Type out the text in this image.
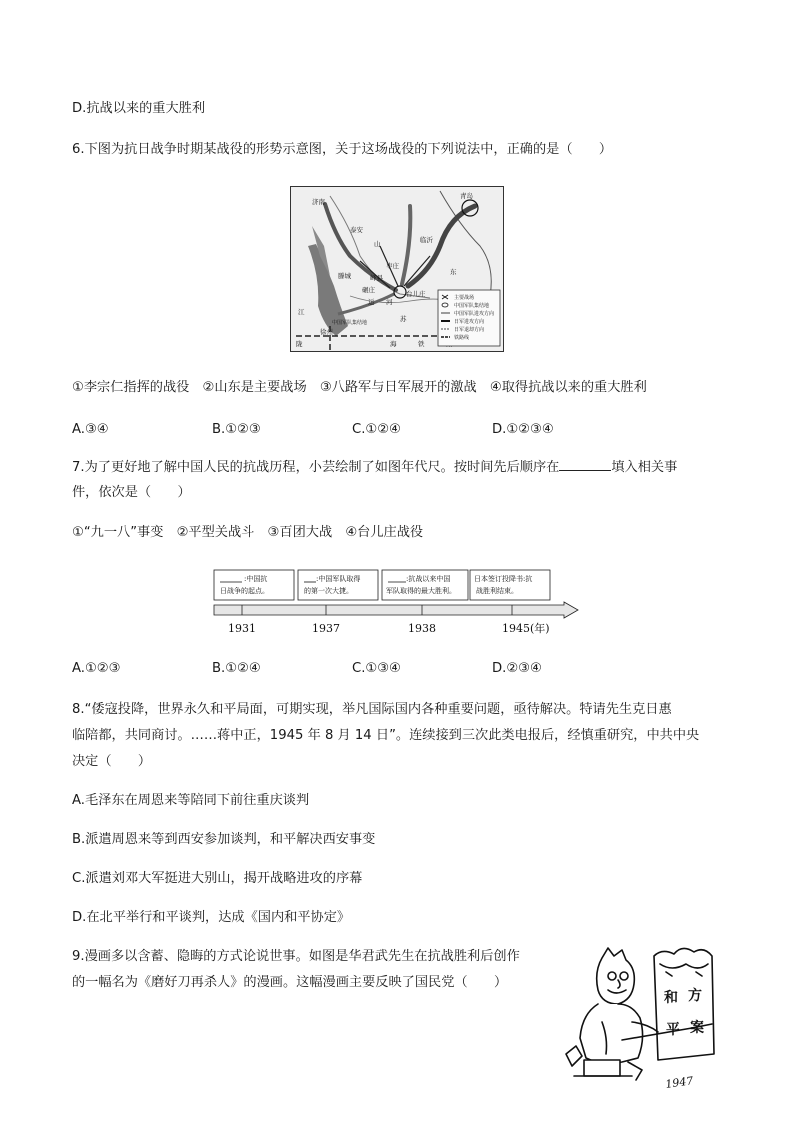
D.抗战以来的重大胜利
6.下图为抗日战争时期某战役的形势示意图，关于这场战役的下列说法中，正确的是（　　）
济南
泰安
枣庄
临沂
滕城
山
东
峄县
台儿庄
运 河
江
苏
陇	海	铁
徐州
碾庄
中国军队集结地
青岛
主要战场
中国军队集结地
中国军队进攻方向
日军进攻方向
日军退却方向
铁路线
①李宗仁指挥的战役　②山东是主要战场　③八路军与日军展开的激战　④取得抗战以来的重大胜利
A.③④	B.①②③	C.①②④	D.①②③④
7.为了更好地了解中国人民的抗战历程，小芸绘制了如图年代尺。按时间先后顺序在	填入相关事
件，依次是（　　）
①“九一八”事变　②平型关战斗　③百团大战　④台儿庄战役
:中国抗
日战争的起点。
:中国军队取得
的第一次大捷。
:抗战以来中国
军队取得的最大胜利。
日本签订投降书:抗
战胜利结束。
1931	1937	1938	1945(年)
A.①②③	B.①②④	C.①③④	D.②③④
8.“倭寇投降，世界永久和平局面，可期实现，举凡国际国内各种重要问题，亟待解决。特请先生克日惠
临陪都，共同商讨。……蒋中正，1945 年 8 月 14 日”。连续接到三次此类电报后，经慎重研究，中共中央
决定（　　）
A.毛泽东在周恩来等陪同下前往重庆谈判
B.派遣周恩来等到西安参加谈判，和平解决西安事变
C.派遣刘邓大军挺进大别山，揭开战略进攻的序幕
D.在北平举行和平谈判，达成《国内和平协定》
9.漫画多以含蓄、隐晦的方式论说世事。如图是华君武先生在抗战胜利后创作
的一幅名为《磨好刀再杀人》的漫画。这幅漫画主要反映了国民党（　　）
和
平
方
案
1947
